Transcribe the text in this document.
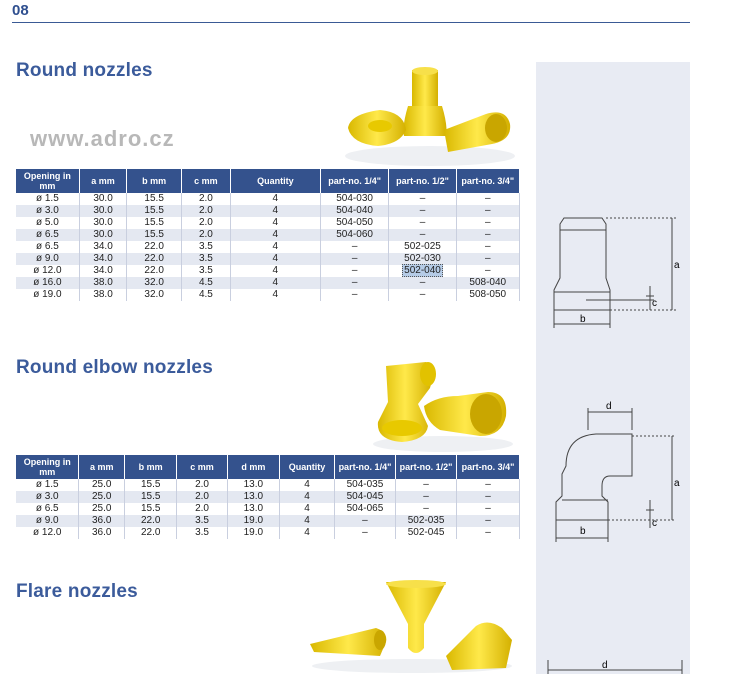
08
Round nozzles
www.adro.cz
Opening in mm	a mm	b mm	c mm	Quantity	part-no. 1/4"	part-no. 1/2"	part-no. 3/4"
ø 1.5	30.0	15.5	2.0	4	504-030	–	–
ø 3.0	30.0	15.5	2.0	4	504-040	–	–
ø 5.0	30.0	15.5	2.0	4	504-050	–	–
ø 6.5	30.0	15.5	2.0	4	504-060	–	–
ø 6.5	34.0	22.0	3.5	4	–	502-025	–
ø 9.0	34.0	22.0	3.5	4	–	502-030	–
ø 12.0	34.0	22.0	3.5	4	–	502-040	–
ø 16.0	38.0	32.0	4.5	4	–	–	508-040
ø 19.0	38.0	32.0	4.5	4	–	–	508-050
Round elbow nozzles
Opening in mm	a mm	b mm	c mm	d mm	Quantity	part-no. 1/4"	part-no. 1/2"	part-no. 3/4"
ø 1.5	25.0	15.5	2.0	13.0	4	504-035	–	–
ø 3.0	25.0	15.5	2.0	13.0	4	504-045	–	–
ø 6.5	25.0	15.5	2.0	13.0	4	504-065	–	–
ø 9.0	36.0	22.0	3.5	19.0	4	–	502-035	–
ø 12.0	36.0	22.0	3.5	19.0	4	–	502-045	–
Flare nozzles
a
c
b
d
a
c
b
d
